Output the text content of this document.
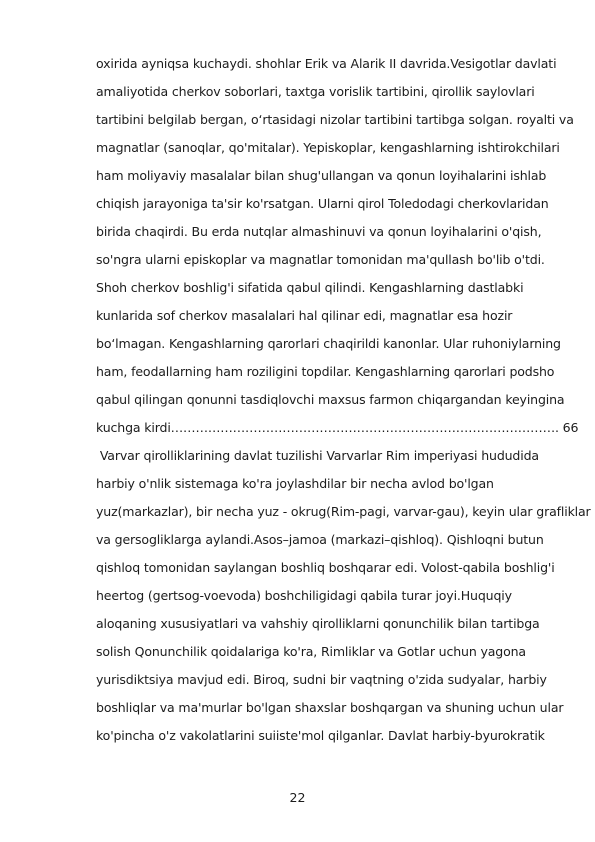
oxirida ayniqsa kuchaydi. shohlar Erik va Alarik II davrida.Vesigotlar davlati
amaliyotida cherkov soborlari, taxtga vorislik tartibini, qirollik saylovlari
tartibini belgilab bergan, o‘rtasidagi nizolar tartibini tartibga solgan. royalti va
magnatlar (sanoqlar, qo'mitalar). Yepiskoplar, kengashlarning ishtirokchilari
ham moliyaviy masalalar bilan shug'ullangan va qonun loyihalarini ishlab
chiqish jarayoniga ta'sir ko'rsatgan. Ularni qirol Toledodagi cherkovlaridan
birida chaqirdi. Bu erda nutqlar almashinuvi va qonun loyihalarini o'qish,
so'ngra ularni episkoplar va magnatlar tomonidan ma'qullash bo'lib o'tdi.
Shoh cherkov boshlig'i sifatida qabul qilindi. Kengashlarning dastlabki
kunlarida sof cherkov masalalari hal qilinar edi, magnatlar esa hozir
bo‘lmagan. Kengashlarning qarorlari chaqirildi kanonlar. Ular ruhoniylarning
ham, feodallarning ham roziligini topdilar. Kengashlarning qarorlari podsho
qabul qilingan qonunni tasdiqlovchi maxsus farmon chiqargandan keyingina
kuchga kirdi…………………………………………………………………………………. 66
Varvar qirolliklarining davlat tuzilishi Varvarlar Rim imperiyasi hududida
harbiy o'nlik sistemaga ko'ra joylashdilar bir necha avlod bo'lgan
yuz(markazlar), bir necha yuz - okrug(Rim-pagi, varvar-gau), keyin ular grafliklar
va gersogliklarga aylandi.Asos–jamoa (markazi–qishloq). Qishloqni butun
qishloq tomonidan saylangan boshliq boshqarar edi. Volost-qabila boshlig'i
heertog (gertsog-voevoda) boshchiligidagi qabila turar joyi.Huquqiy
aloqaning xususiyatlari va vahshiy qirolliklarni qonunchilik bilan tartibga
solish Qonunchilik qoidalariga ko'ra, Rimliklar va Gotlar uchun yagona
yurisdiktsiya mavjud edi. Biroq, sudni bir vaqtning o'zida sudyalar, harbiy
boshliqlar va ma'murlar bo'lgan shaxslar boshqargan va shuning uchun ular
ko'pincha o'z vakolatlarini suiiste'mol qilganlar. Davlat harbiy-byurokratik
22
